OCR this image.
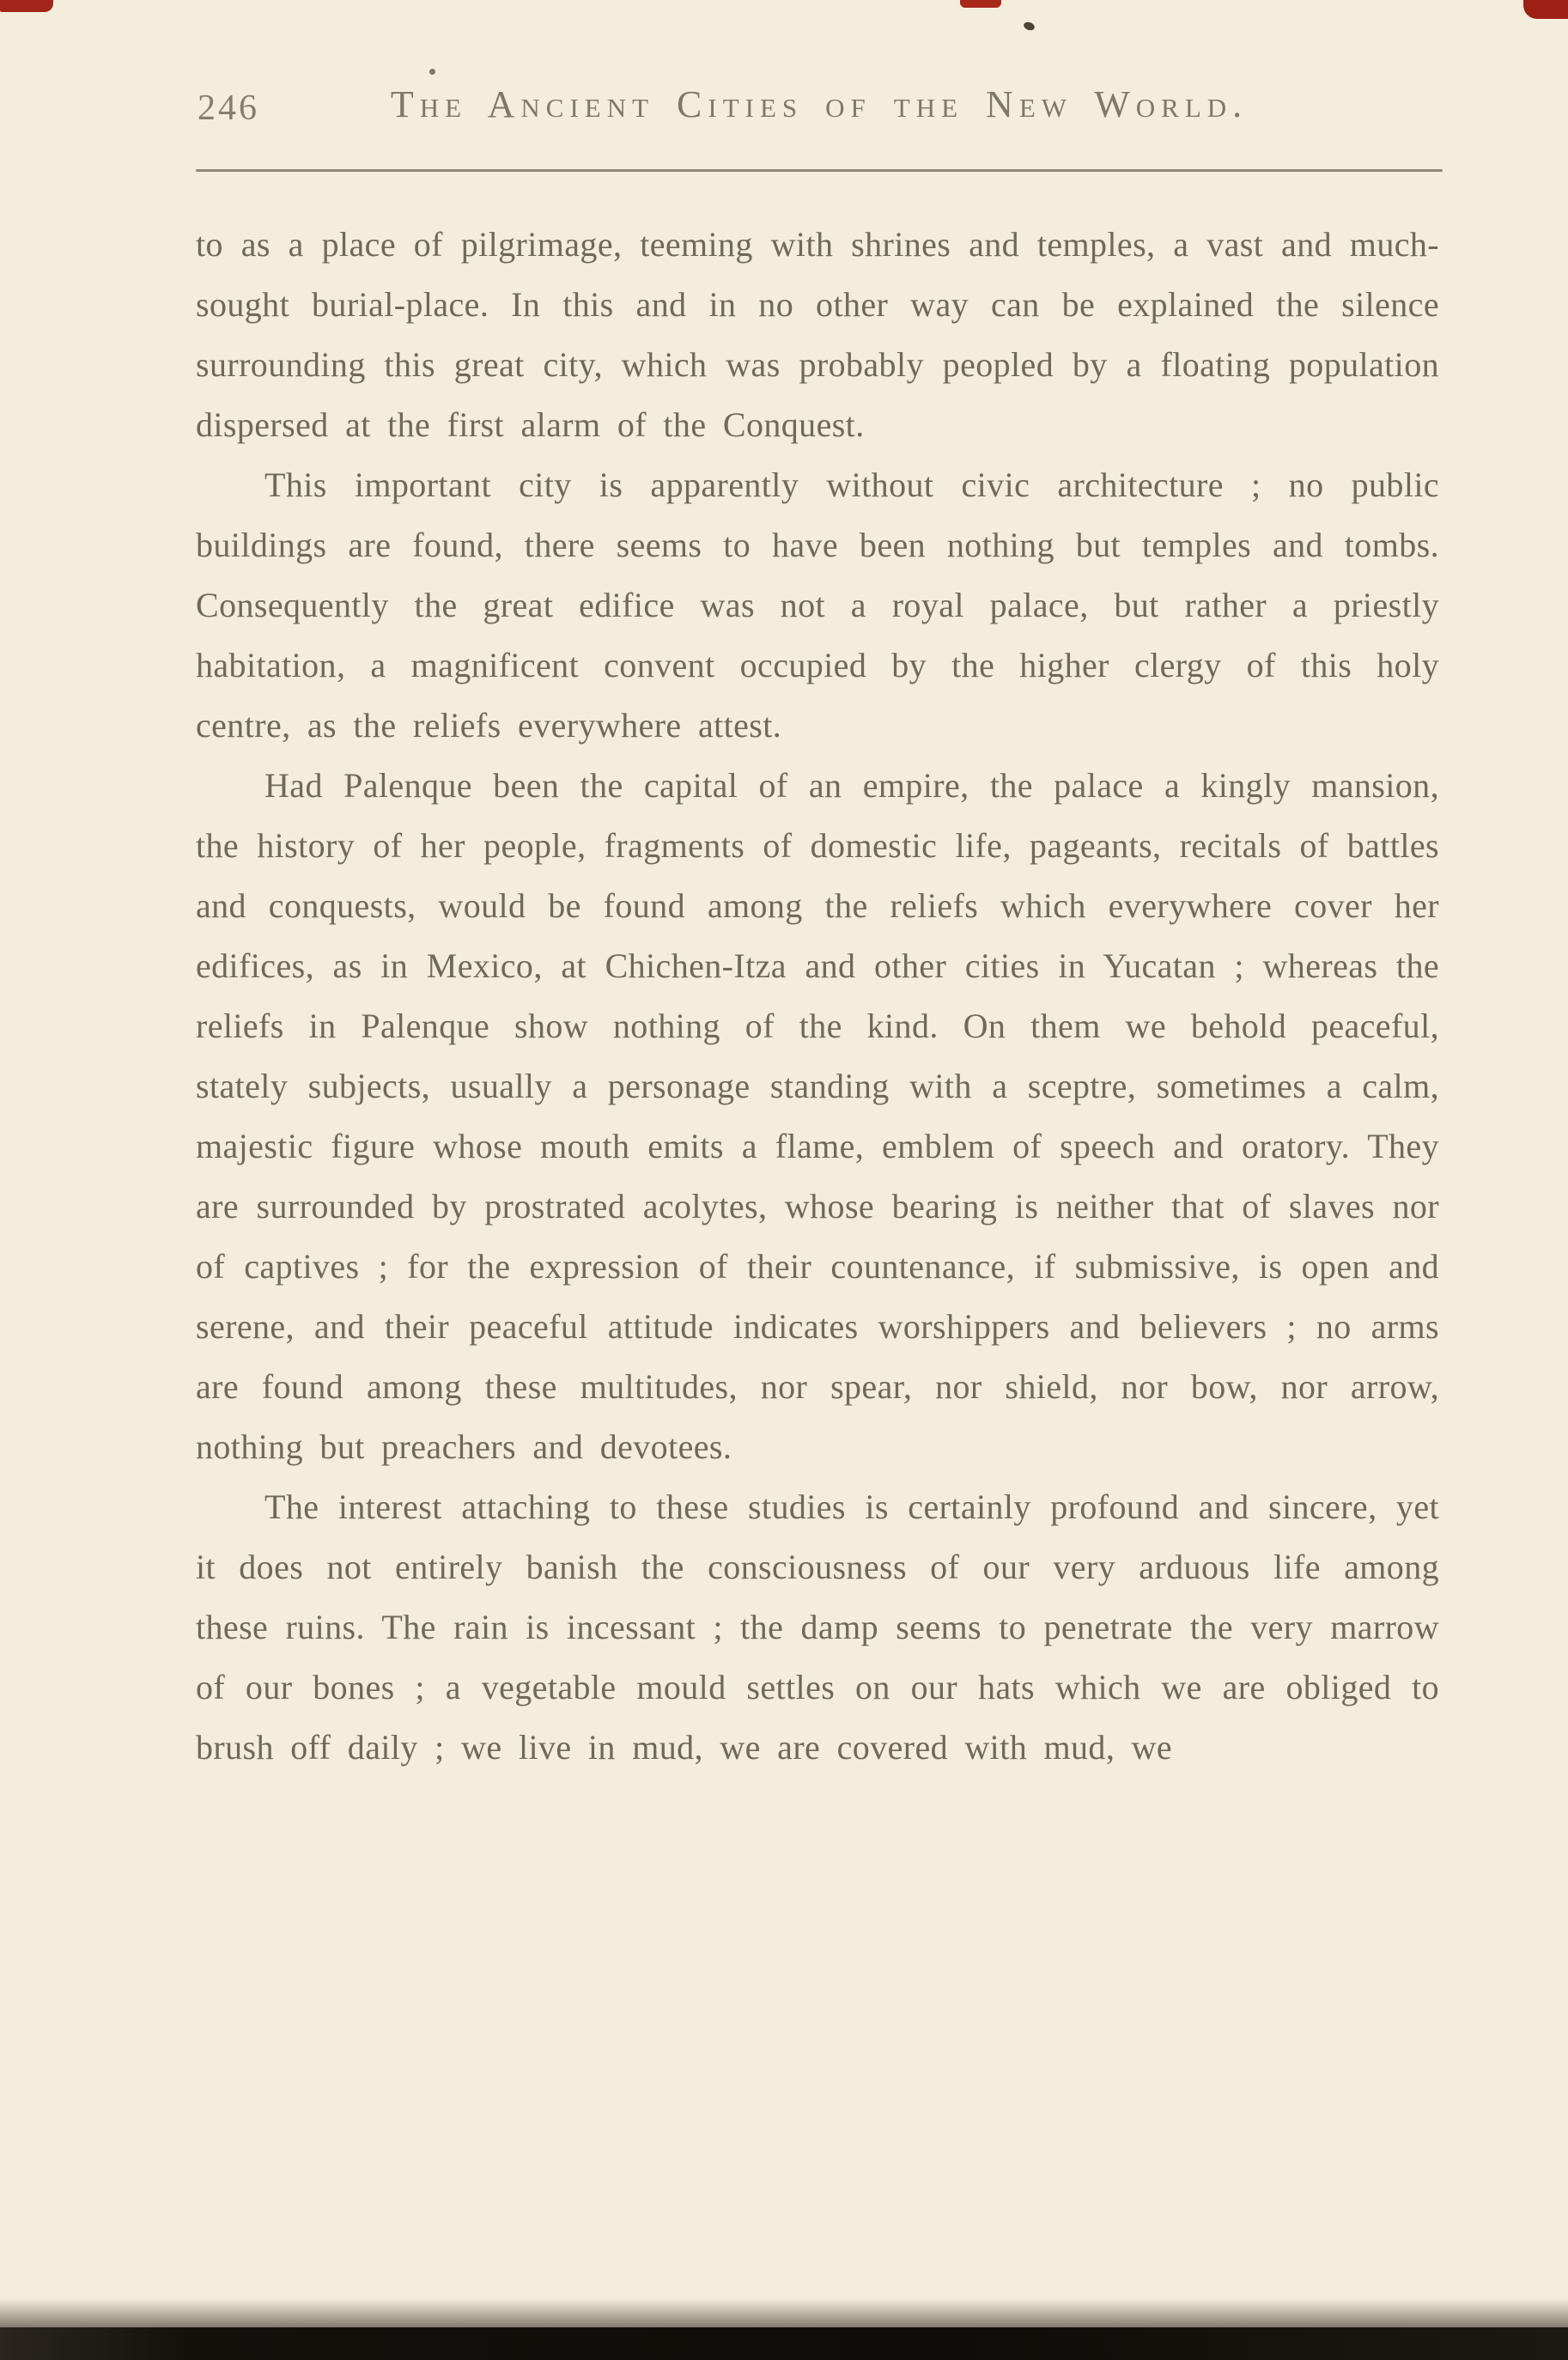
246	The Ancient Cities of the New World.

to as a place of pilgrimage, teeming with shrines and temples, a vast and much-sought burial-place. In this and in no other way can be explained the silence surrounding this great city, which was probably peopled by a floating population dispersed at the first alarm of the Conquest.

This important city is apparently without civic architecture ; no public buildings are found, there seems to have been nothing but temples and tombs. Consequently the great edifice was not a royal palace, but rather a priestly habitation, a magnificent convent occupied by the higher clergy of this holy centre, as the reliefs everywhere attest.

Had Palenque been the capital of an empire, the palace a kingly mansion, the history of her people, fragments of domestic life, pageants, recitals of battles and conquests, would be found among the reliefs which everywhere cover her edifices, as in Mexico, at Chichen-Itza and other cities in Yucatan ; whereas the reliefs in Palenque show nothing of the kind. On them we behold peaceful, stately subjects, usually a personage standing with a sceptre, sometimes a calm, majestic figure whose mouth emits a flame, emblem of speech and oratory. They are surrounded by prostrated acolytes, whose bearing is neither that of slaves nor of captives ; for the expression of their countenance, if submissive, is open and serene, and their peaceful attitude indicates worshippers and believers ; no arms are found among these multitudes, nor spear, nor shield, nor bow, nor arrow, nothing but preachers and devotees.

The interest attaching to these studies is certainly profound and sincere, yet it does not entirely banish the consciousness of our very arduous life among these ruins. The rain is incessant ; the damp seems to penetrate the very marrow of our bones ; a vegetable mould settles on our hats which we are obliged to brush off daily ; we live in mud, we are covered with mud, we
